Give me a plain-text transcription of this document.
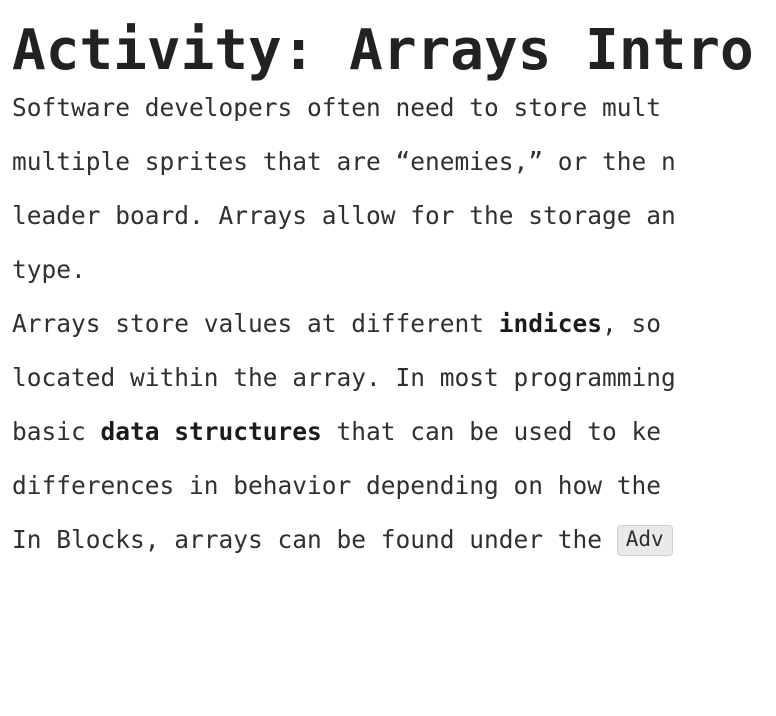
Activity: Arrays Intro

Software developers often need to store mult
multiple sprites that are “enemies,” or the n
leader board. Arrays allow for the storage an
type.

Arrays store values at different indices, so
located within the array. In most programming
basic data structures that can be used to ke
differences in behavior depending on how the

In Blocks, arrays can be found under the Adv
